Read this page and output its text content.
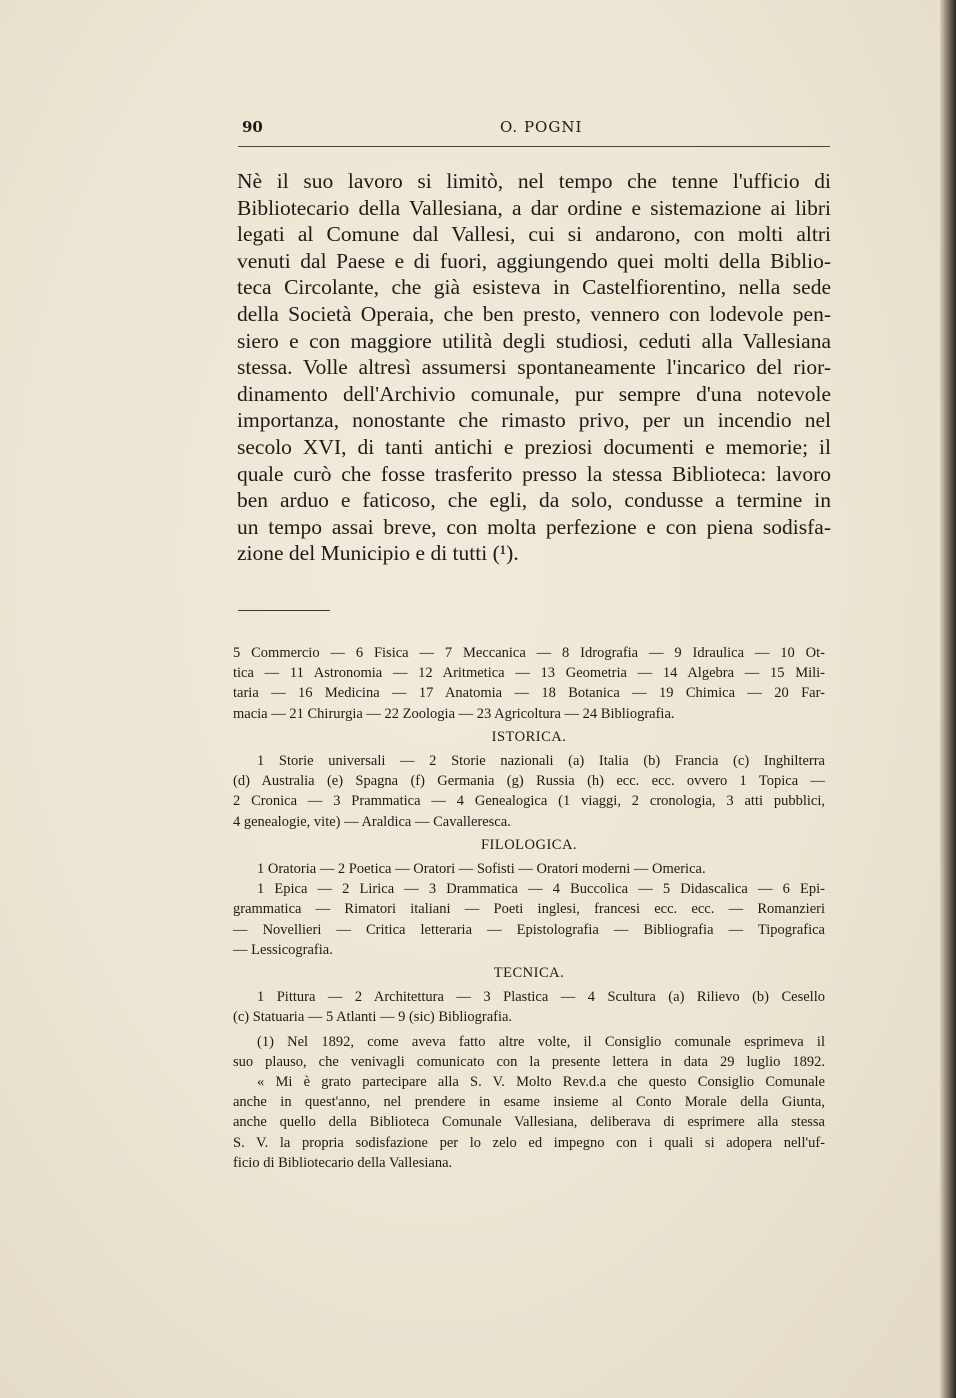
90	O. POGNI
Nè il suo lavoro si limitò, nel tempo che tenne l'ufficio di
Bibliotecario della Vallesiana, a dar ordine e sistemazione ai libri
legati al Comune dal Vallesi, cui si andarono, con molti altri
venuti dal Paese e di fuori, aggiungendo quei molti della Biblio-
teca Circolante, che già esisteva in Castelfiorentino, nella sede
della Società Operaia, che ben presto, vennero con lodevole pen-
siero e con maggiore utilità degli studiosi, ceduti alla Vallesiana
stessa. Volle altresì assumersi spontaneamente l'incarico del rior-
dinamento dell'Archivio comunale, pur sempre d'una notevole
importanza, nonostante che rimasto privo, per un incendio nel
secolo XVI, di tanti antichi e preziosi documenti e memorie; il
quale curò che fosse trasferito presso la stessa Biblioteca: lavoro
ben arduo e faticoso, che egli, da solo, condusse a termine in
un tempo assai breve, con molta perfezione e con piena sodisfa-
zione del Municipio e di tutti (¹).
5 Commercio — 6 Fisica — 7 Meccanica — 8 Idrografia — 9 Idraulica — 10 Ot-
tica — 11 Astronomia — 12 Aritmetica — 13 Geometria — 14 Algebra — 15 Mili-
taria — 16 Medicina — 17 Anatomia — 18 Botanica — 19 Chimica — 20 Far-
macia — 21 Chirurgia — 22 Zoologia — 23 Agricoltura — 24 Bibliografia.
ISTORICA.
1 Storie universali — 2 Storie nazionali (a) Italia (b) Francia (c) Inghilterra
(d) Australia (e) Spagna (f) Germania (g) Russia (h) ecc. ecc. ovvero 1 Topica —
2 Cronica — 3 Prammatica — 4 Genealogica (1 viaggi, 2 cronologia, 3 atti pubblici,
4 genealogie, vite) — Araldica — Cavalleresca.
FILOLOGICA.
1 Oratoria — 2 Poetica — Oratori — Sofisti — Oratori moderni — Omerica.
1 Epica — 2 Lirica — 3 Drammatica — 4 Buccolica — 5 Didascalica — 6 Epi-
grammatica — Rimatori italiani — Poeti inglesi, francesi ecc. ecc. — Romanzieri
— Novellieri — Critica letteraria — Epistolografia — Bibliografia — Tipografica
— Lessicografia.
TECNICA.
1 Pittura — 2 Architettura — 3 Plastica — 4 Scultura (a) Rilievo (b) Cesello
(c) Statuaria — 5 Atlanti — 9 (sic) Bibliografia.
(1) Nel 1892, come aveva fatto altre volte, il Consiglio comunale esprimeva il
suo plauso, che venivagli comunicato con la presente lettera in data 29 luglio 1892.
« Mi è grato partecipare alla S. V. Molto Rev.d.a che questo Consiglio Comunale
anche in quest'anno, nel prendere in esame insieme al Conto Morale della Giunta,
anche quello della Biblioteca Comunale Vallesiana, deliberava di esprimere alla stessa
S. V. la propria sodisfazione per lo zelo ed impegno con i quali si adopera nell'uf-
ficio di Bibliotecario della Vallesiana.
